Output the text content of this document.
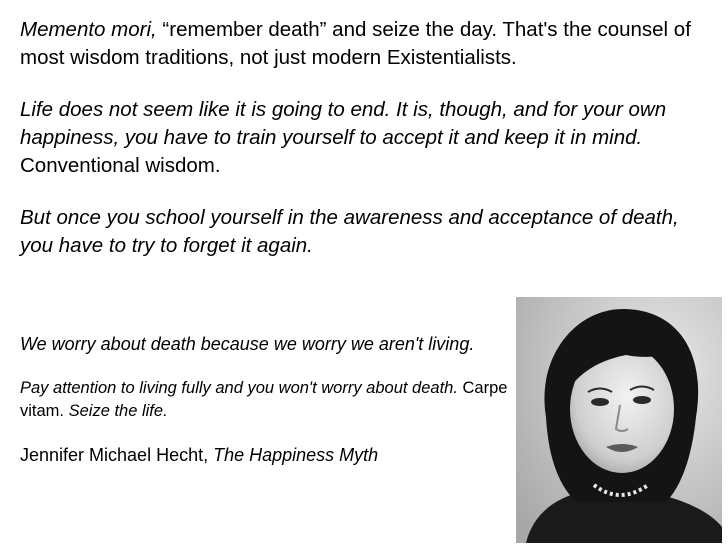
Memento mori, “remember death” and seize the day. That's the counsel of most wisdom traditions, not just modern Existentialists.

Life does not seem like it is going to end. It is, though, and for your own happiness, you have to train yourself to accept it and keep it in mind. Conventional wisdom.

But once you school yourself in the awareness and acceptance of death, you have to try to forget it again.

We worry about death because we worry we aren't living.

Pay attention to living fully and you won't worry about death. Carpe vitam. Seize the life.

Jennifer Michael Hecht, The Happiness Myth
